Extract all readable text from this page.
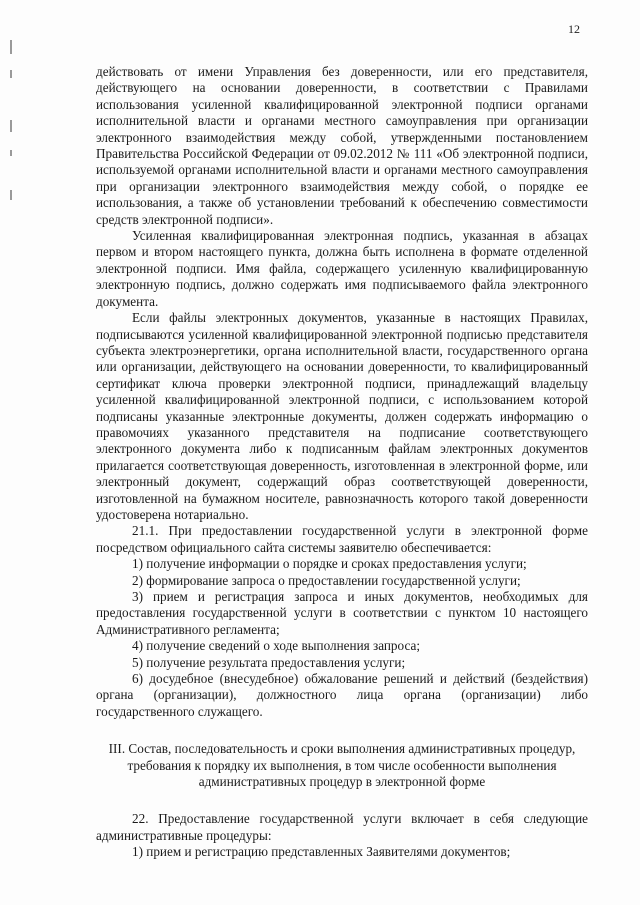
12

действовать от имени Управления без доверенности, или его представителя, действующего на основании доверенности, в соответствии с Правилами использования усиленной квалифицированной электронной подписи органами исполнительной власти и органами местного самоуправления при организации электронного взаимодействия между собой, утвержденными постановлением Правительства Российской Федерации от 09.02.2012 № 111 «Об электронной подписи, используемой органами исполнительной власти и органами местного самоуправления при организации электронного взаимодействия между собой, о порядке ее использования, а также об установлении требований к обеспечению совместимости средств электронной подписи».

Усиленная квалифицированная электронная подпись, указанная в абзацах первом и втором настоящего пункта, должна быть исполнена в формате отделенной электронной подписи. Имя файла, содержащего усиленную квалифицированную электронную подпись, должно содержать имя подписываемого файла электронного документа.

Если файлы электронных документов, указанные в настоящих Правилах, подписываются усиленной квалифицированной электронной подписью представителя субъекта электроэнергетики, органа исполнительной власти, государственного органа или организации, действующего на основании доверенности, то квалифицированный сертификат ключа проверки электронной подписи, принадлежащий владельцу усиленной квалифицированной электронной подписи, с использованием которой подписаны указанные электронные документы, должен содержать информацию о правомочиях указанного представителя на подписание соответствующего электронного документа либо к подписанным файлам электронных документов прилагается соответствующая доверенность, изготовленная в электронной форме, или электронный документ, содержащий образ соответствующей доверенности, изготовленной на бумажном носителе, равнозначность которого такой доверенности удостоверена нотариально.

21.1. При предоставлении государственной услуги в электронной форме посредством официального сайта системы заявителю обеспечивается:

1) получение информации о порядке и сроках предоставления услуги;

2) формирование запроса о предоставлении государственной услуги;

3) прием и регистрация запроса и иных документов, необходимых для предоставления государственной услуги в соответствии с пунктом 10 настоящего Административного регламента;

4) получение сведений о ходе выполнения запроса;

5) получение результата предоставления услуги;

6) досудебное (внесудебное) обжалование решений и действий (бездействия) органа (организации), должностного лица органа (организации) либо государственного служащего.

III. Состав, последовательность и сроки выполнения административных процедур, требования к порядку их выполнения, в том числе особенности выполнения административных процедур в электронной форме

22. Предоставление государственной услуги включает в себя следующие административные процедуры:

1) прием и регистрацию представленных Заявителями документов;
